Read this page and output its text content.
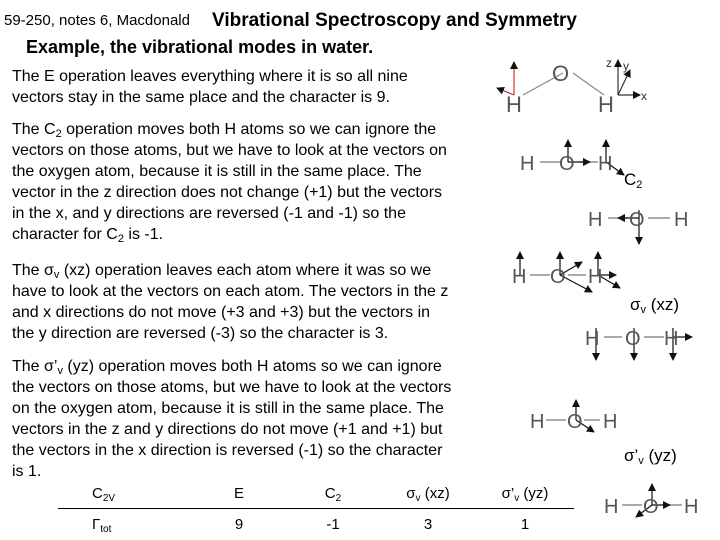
59-250, notes 6, Macdonald Vibrational Spectroscopy and Symmetry
Example, the vibrational modes in water.
The E operation leaves everything where it is so all nine
vectors stay in the same place and the character is 9.
The $C_2$ operation moves both H atoms so we can ignore the
vectors on those atoms, but we have to look at the vectors on
the oxygen atom, because it is still in the same place. The
vector in the z direction does not change (+1) but the vectors
in the x, and y directions are reversed (-1 and -1) so the
character for $C_2$ is -1.
The $\sigma_v$ (xz) operation leaves each atom where it was so we
have to look at the vectors on each atom. The vectors in the z
and x directions do not move (+3 and +3) but the vectors in
the y direction are reversed (-3) so the character is 3.
The $\sigma’_v$ (yz) operation moves both H atoms so we can ignore
the vectors on those atoms, but we have to look at the vectors
on the oxygen atom, because it is still in the same place. The
vectors in the z and y directions do not move (+1 and +1) but
the vectors in the x direction is reversed (-1) so the character
is 1.
$C_2$
$\sigma_v$ (xz)
$\sigma’_v$ (yz)
$C_{2V}$	E	$C_2$	$\sigma_v$ (xz)	$\sigma’_v$ (yz)
$\Gamma_{tot}$	9	-1	3	1
O
H	H
z y
x
H O H
H O H
H O H
H O H
H O H
H O H
